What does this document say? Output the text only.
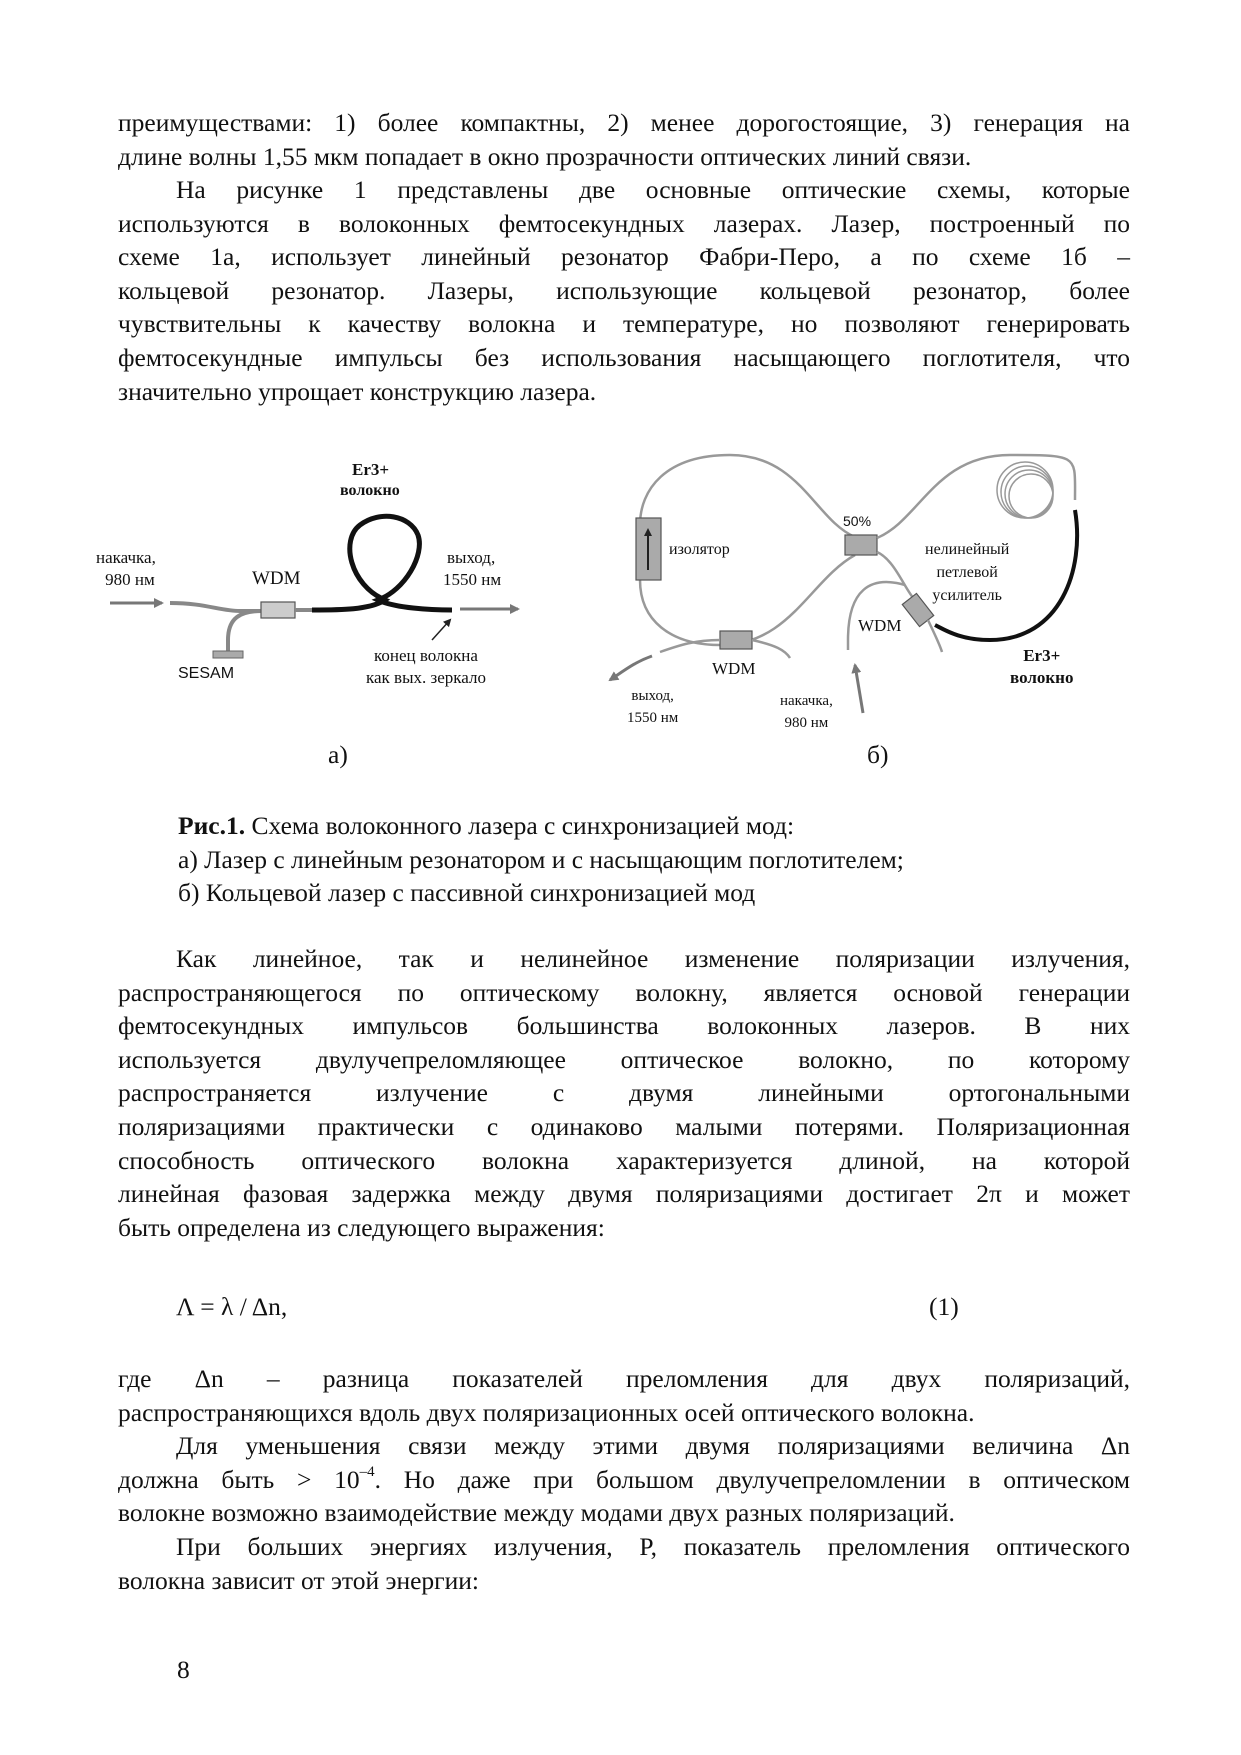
преимуществами: 1) более компактны, 2) менее дорогостоящие, 3) генерация на
длине волны 1,55 мкм попадает в окно прозрачности оптических линий связи.
На рисунке 1 представлены две основные оптические схемы, которые
используются в волоконных фемтосекундных лазерах. Лазер, построенный по
схеме 1а, использует линейный резонатор Фабри-Перо, а по схеме 1б –
кольцевой резонатор. Лазеры, использующие кольцевой резонатор, более
чувствительны к качеству волокна и температуре, но позволяют генерировать
фемтосекундные импульсы без использования насыщающего поглотителя, что
значительно упрощает конструкцию лазера.
Er3+
волокно
накачка,
980 нм	WDM
выход,
1550 нм
SESAM
конец волокна
как вых. зеркало
изолятор
50%
нелинейный
петлевой
усилитель
WDM
WDM
Er3+
волокно
выход,
1550 нм
накачка,
980 нм
а)	б)
Рис.1. Схема волоконного лазера с синхронизацией мод:
а) Лазер с линейным резонатором и с насыщающим поглотителем;
б) Кольцевой лазер с пассивной синхронизацией мод
Как линейное, так и нелинейное изменение поляризации излучения,
распространяющегося по оптическому волокну, является основой генерации
фемтосекундных импульсов большинства волоконных лазеров. В них
используется двулучепреломляющее оптическое волокно, по которому
распространяется излучение с двумя линейными ортогональными
поляризациями практически с одинаково малыми потерями. Поляризационная
способность оптического волокна характеризуется длиной, на которой
линейная фазовая задержка между двумя поляризациями достигает 2π и может
быть определена из следующего выражения:
Λ = λ / Δn,	(1)
где Δn – разница показателей преломления для двух поляризаций,
распространяющихся вдоль двух поляризационных осей оптического волокна.
Для уменьшения связи между этими двумя поляризациями величина Δn
должна быть > $10^{-4}$. Но даже при большом двулучепреломлении в оптическом
волокне возможно взаимодействие между модами двух разных поляризаций.
При больших энергиях излучения, P, показатель преломления оптического
волокна зависит от этой энергии:
8
